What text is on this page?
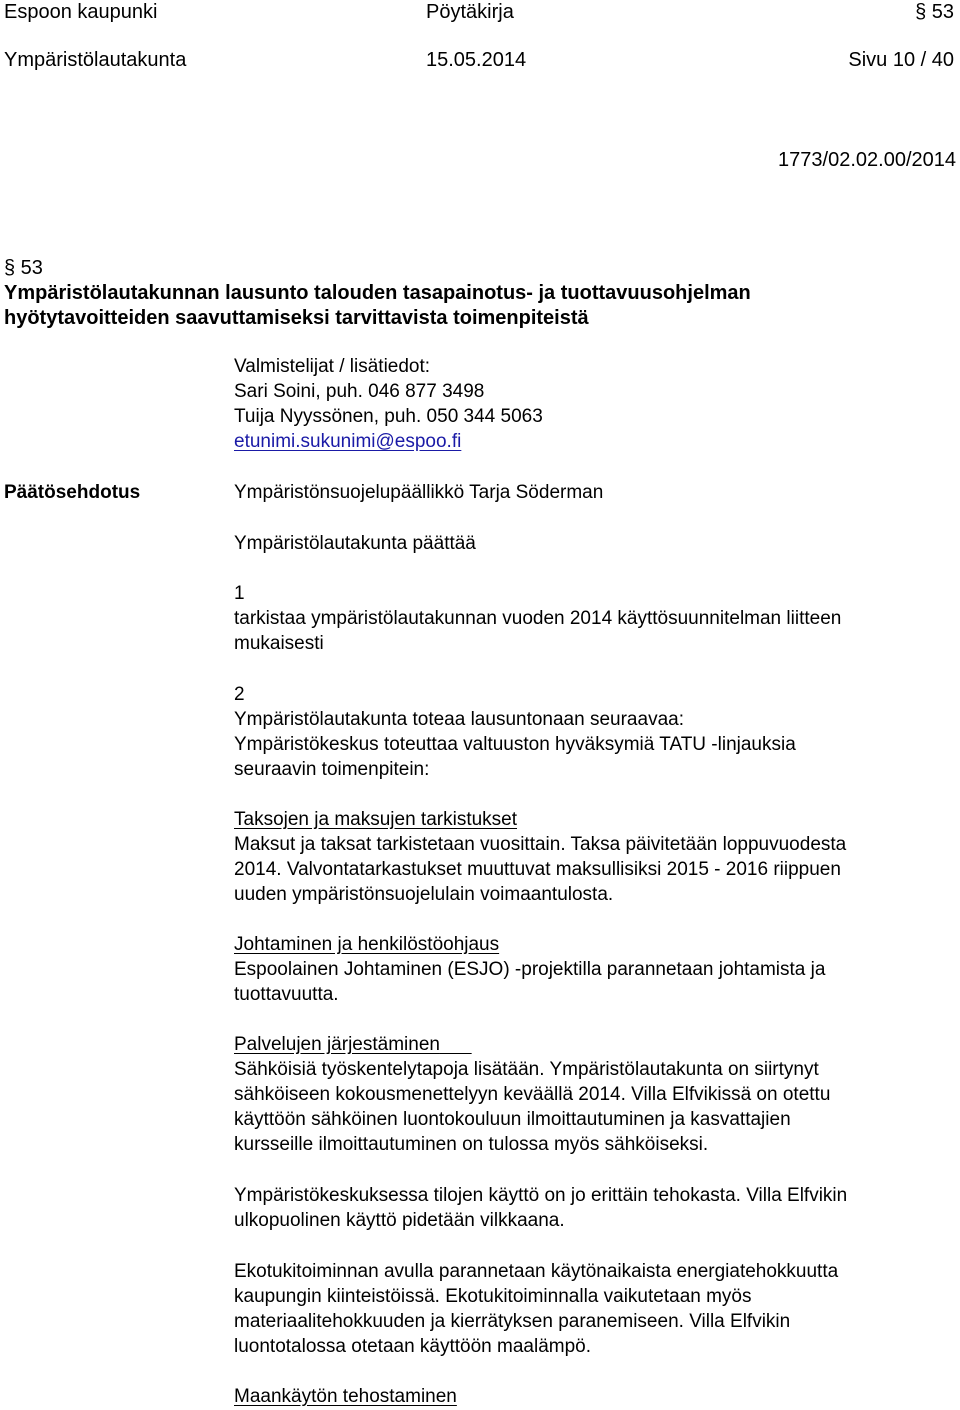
Espoon kaupunki	Pöytäkirja	§ 53
Ympäristölautakunta	15.05.2014	Sivu 10 / 40
1773/02.02.00/2014
§ 53
Ympäristölautakunnan lausunto talouden tasapainotus- ja tuottavuusohjelman
hyötytavoitteiden saavuttamiseksi tarvittavista toimenpiteistä
Valmistelijat / lisätiedot:
Sari Soini, puh. 046 877 3498
Tuija Nyyssönen, puh. 050 344 5063
etunimi.sukunimi@espoo.fi
Päätösehdotus	Ympäristönsuojelupäällikkö Tarja Söderman
Ympäristölautakunta päättää
1
tarkistaa ympäristölautakunnan vuoden 2014 käyttösuunnitelman liitteen
mukaisesti
2
Ympäristölautakunta toteaa lausuntonaan seuraavaa:
Ympäristökeskus toteuttaa valtuuston hyväksymiä TATU -linjauksia
seuraavin toimenpitein:
Taksojen ja maksujen tarkistukset
Maksut ja taksat tarkistetaan vuosittain. Taksa päivitetään loppuvuodesta
2014. Valvontatarkastukset muuttuvat maksullisiksi 2015 - 2016 riippuen
uuden ympäristönsuojelulain voimaantulosta.
Johtaminen ja henkilöstöohjaus
Espoolainen Johtaminen (ESJO) -projektilla parannetaan johtamista ja
tuottavuutta.
Palvelujen järjestäminen
Sähköisiä työskentelytapoja lisätään. Ympäristölautakunta on siirtynyt
sähköiseen kokousmenettelyyn keväällä 2014. Villa Elfvikissä on otettu
käyttöön sähköinen luontokouluun ilmoittautuminen ja kasvattajien
kursseille ilmoittautuminen on tulossa myös sähköiseksi.
Ympäristökeskuksessa tilojen käyttö on jo erittäin tehokasta. Villa Elfvikin
ulkopuolinen käyttö pidetään vilkkaana.
Ekotukitoiminnan avulla parannetaan käytönaikaista energiatehokkuutta
kaupungin kiinteistöissä. Ekotukitoiminnalla vaikutetaan myös
materiaalitehokkuuden ja kierrätyksen paranemiseen. Villa Elfvikin
luontotalossa otetaan käyttöön maalämpö.
Maankäytön tehostaminen
